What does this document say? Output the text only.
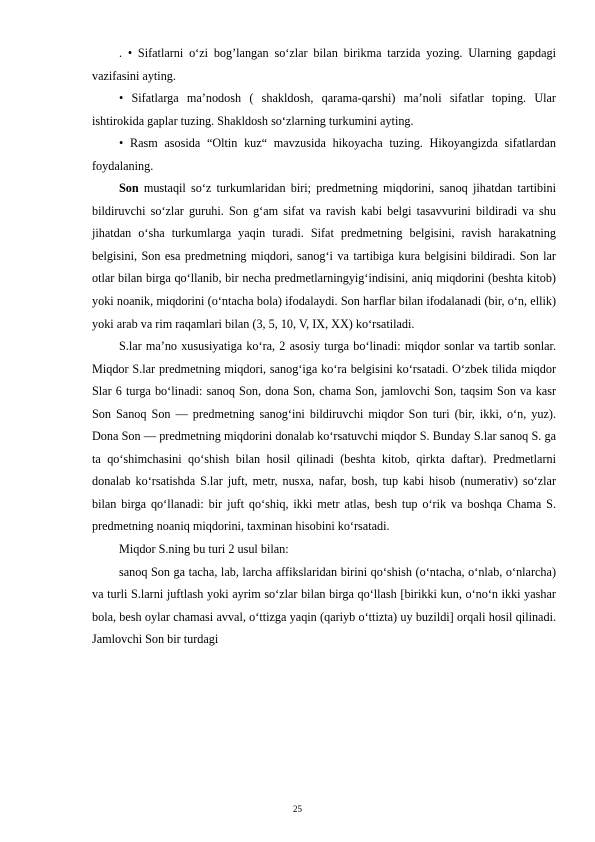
. • Sifatlarni o‘zi bog’langan so‘zlar bilan birikma tarzida yozing. Ularning gapdagi vazifasini ayting.

• Sifatlarga ma’nodosh ( shakldosh, qarama-qarshi) ma’noli sifatlar toping. Ular ishtirokida gaplar tuzing. Shakldosh so‘zlarning turkumini ayting.

• Rasm asosida “Oltin kuz“ mavzusida hikoyacha tuzing. Hikoyangizda sifatlardan foydalaning.

Son mustaqil so‘z turkumlaridan biri; predmetning miqdorini, sanoq jihatdan tartibini bildiruvchi so‘zlar guruhi. Son gʻam sifat va ravish kabi belgi tasavvurini bildiradi va shu jihatdan oʻsha turkumlarga yaqin turadi. Sifat predmetning belgisini, ravish harakatning belgisini, Son esa predmetning miqdori, sanogʻi va tartibiga kura belgisini bildiradi. Son lar otlar bilan birga qoʻllanib, bir necha predmetlarningyigʻindisini, aniq miqdorini (beshta kitob) yoki noanik, miqdorini (oʻntacha bola) ifodalaydi. Son harflar bilan ifodalanadi (bir, oʻn, ellik) yoki arab va rim raqamlari bilan (3, 5, 10, V, IX, XX) koʻrsatiladi.

S.lar maʼno xususiyatiga koʻra, 2 asosiy turga boʻlinadi: miqdor sonlar va tartib sonlar. Miqdor S.lar predmetning miqdori, sanogʻiga koʻra belgisini koʻrsatadi. Oʻzbek tilida miqdor Slar 6 turga boʻlinadi: sanoq Son, dona Son, chama Son, jamlovchi Son, taqsim Son va kasr Son Sanoq Son — predmetning sanogʻini bildiruvchi miqdor Son turi (bir, ikki, oʻn, yuz). Dona Son — predmetning miqdorini donalab koʻrsatuvchi miqdor S. Bunday S.lar sanoq S. ga ta qoʻshimchasini qoʻshish bilan hosil qilinadi (beshta kitob, qirkta daftar). Predmetlarni donalab koʻrsatishda S.lar juft, metr, nusxa, nafar, bosh, tup kabi hisob (numerativ) soʻzlar bilan birga qoʻllanadi: bir juft qoʻshiq, ikki metr atlas, besh tup oʻrik va boshqa Chama S. predmetning noaniq miqdorini, taxminan hisobini koʻrsatadi.

Miqdor S.ning bu turi 2 usul bilan:

sanoq Son ga tacha, lab, larcha affikslaridan birini qoʻshish (oʻntacha, oʻnlab, oʻnlarcha) va turli S.larni juftlash yoki ayrim soʻzlar bilan birga qoʻllash [birikki kun, oʻnoʻn ikki yashar bola, besh oylar chamasi avval, oʻttizga yaqin (qariyb oʻttizta) uy buzildi] orqali hosil qilinadi. Jamlovchi Son bir turdagi

25
